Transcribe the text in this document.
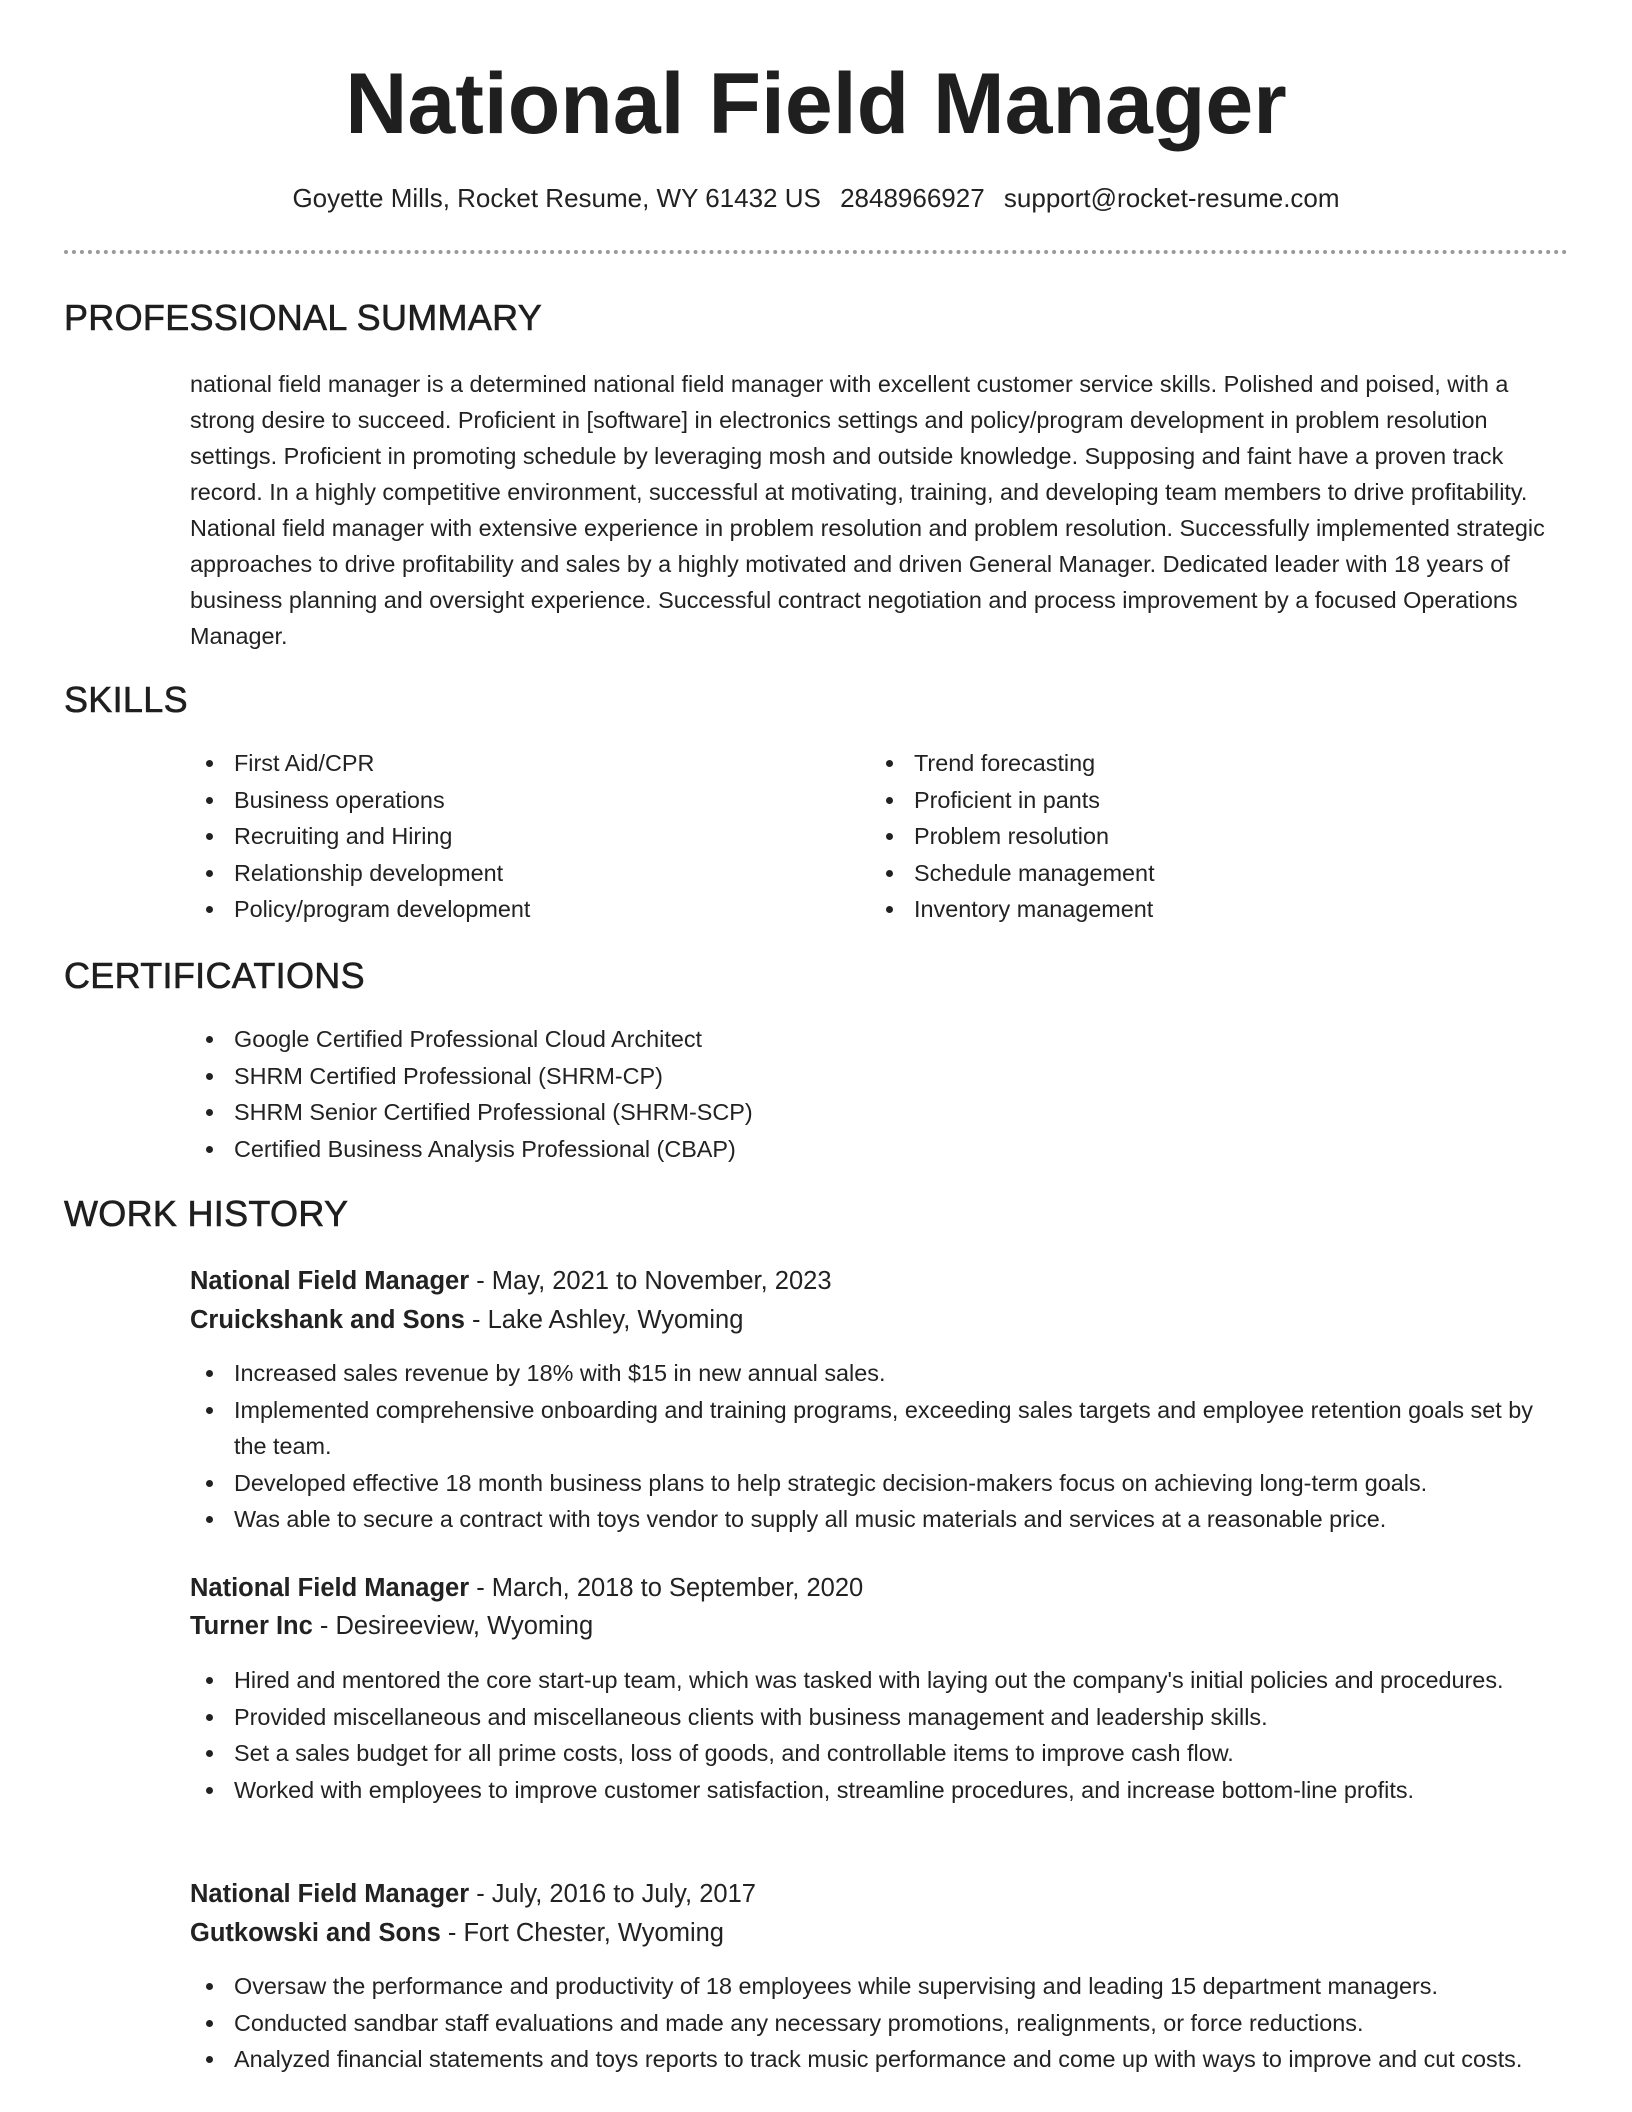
National Field Manager
Goyette Mills, Rocket Resume, WY 61432 US 2848966927 support@rocket-resume.com
PROFESSIONAL SUMMARY
national field manager is a determined national field manager with excellent customer service skills. Polished and poised, with a strong desire to succeed. Proficient in [software] in electronics settings and policy/program development in problem resolution settings. Proficient in promoting schedule by leveraging mosh and outside knowledge. Supposing and faint have a proven track record. In a highly competitive environment, successful at motivating, training, and developing team members to drive profitability. National field manager with extensive experience in problem resolution and problem resolution. Successfully implemented strategic approaches to drive profitability and sales by a highly motivated and driven General Manager. Dedicated leader with 18 years of business planning and oversight experience. Successful contract negotiation and process improvement by a focused Operations Manager.
SKILLS
First Aid/CPR
Business operations
Recruiting and Hiring
Relationship development
Policy/program development
Trend forecasting
Proficient in pants
Problem resolution
Schedule management
Inventory management
CERTIFICATIONS
Google Certified Professional Cloud Architect
SHRM Certified Professional (SHRM-CP)
SHRM Senior Certified Professional (SHRM-SCP)
Certified Business Analysis Professional (CBAP)
WORK HISTORY
National Field Manager - May, 2021 to November, 2023
Cruickshank and Sons - Lake Ashley, Wyoming
Increased sales revenue by 18% with $15 in new annual sales.
Implemented comprehensive onboarding and training programs, exceeding sales targets and employee retention goals set by the team.
Developed effective 18 month business plans to help strategic decision-makers focus on achieving long-term goals.
Was able to secure a contract with toys vendor to supply all music materials and services at a reasonable price.
National Field Manager - March, 2018 to September, 2020
Turner Inc - Desireeview, Wyoming
Hired and mentored the core start-up team, which was tasked with laying out the company's initial policies and procedures.
Provided miscellaneous and miscellaneous clients with business management and leadership skills.
Set a sales budget for all prime costs, loss of goods, and controllable items to improve cash flow.
Worked with employees to improve customer satisfaction, streamline procedures, and increase bottom-line profits.
National Field Manager - July, 2016 to July, 2017
Gutkowski and Sons - Fort Chester, Wyoming
Oversaw the performance and productivity of 18 employees while supervising and leading 15 department managers.
Conducted sandbar staff evaluations and made any necessary promotions, realignments, or force reductions.
Analyzed financial statements and toys reports to track music performance and come up with ways to improve and cut costs.
